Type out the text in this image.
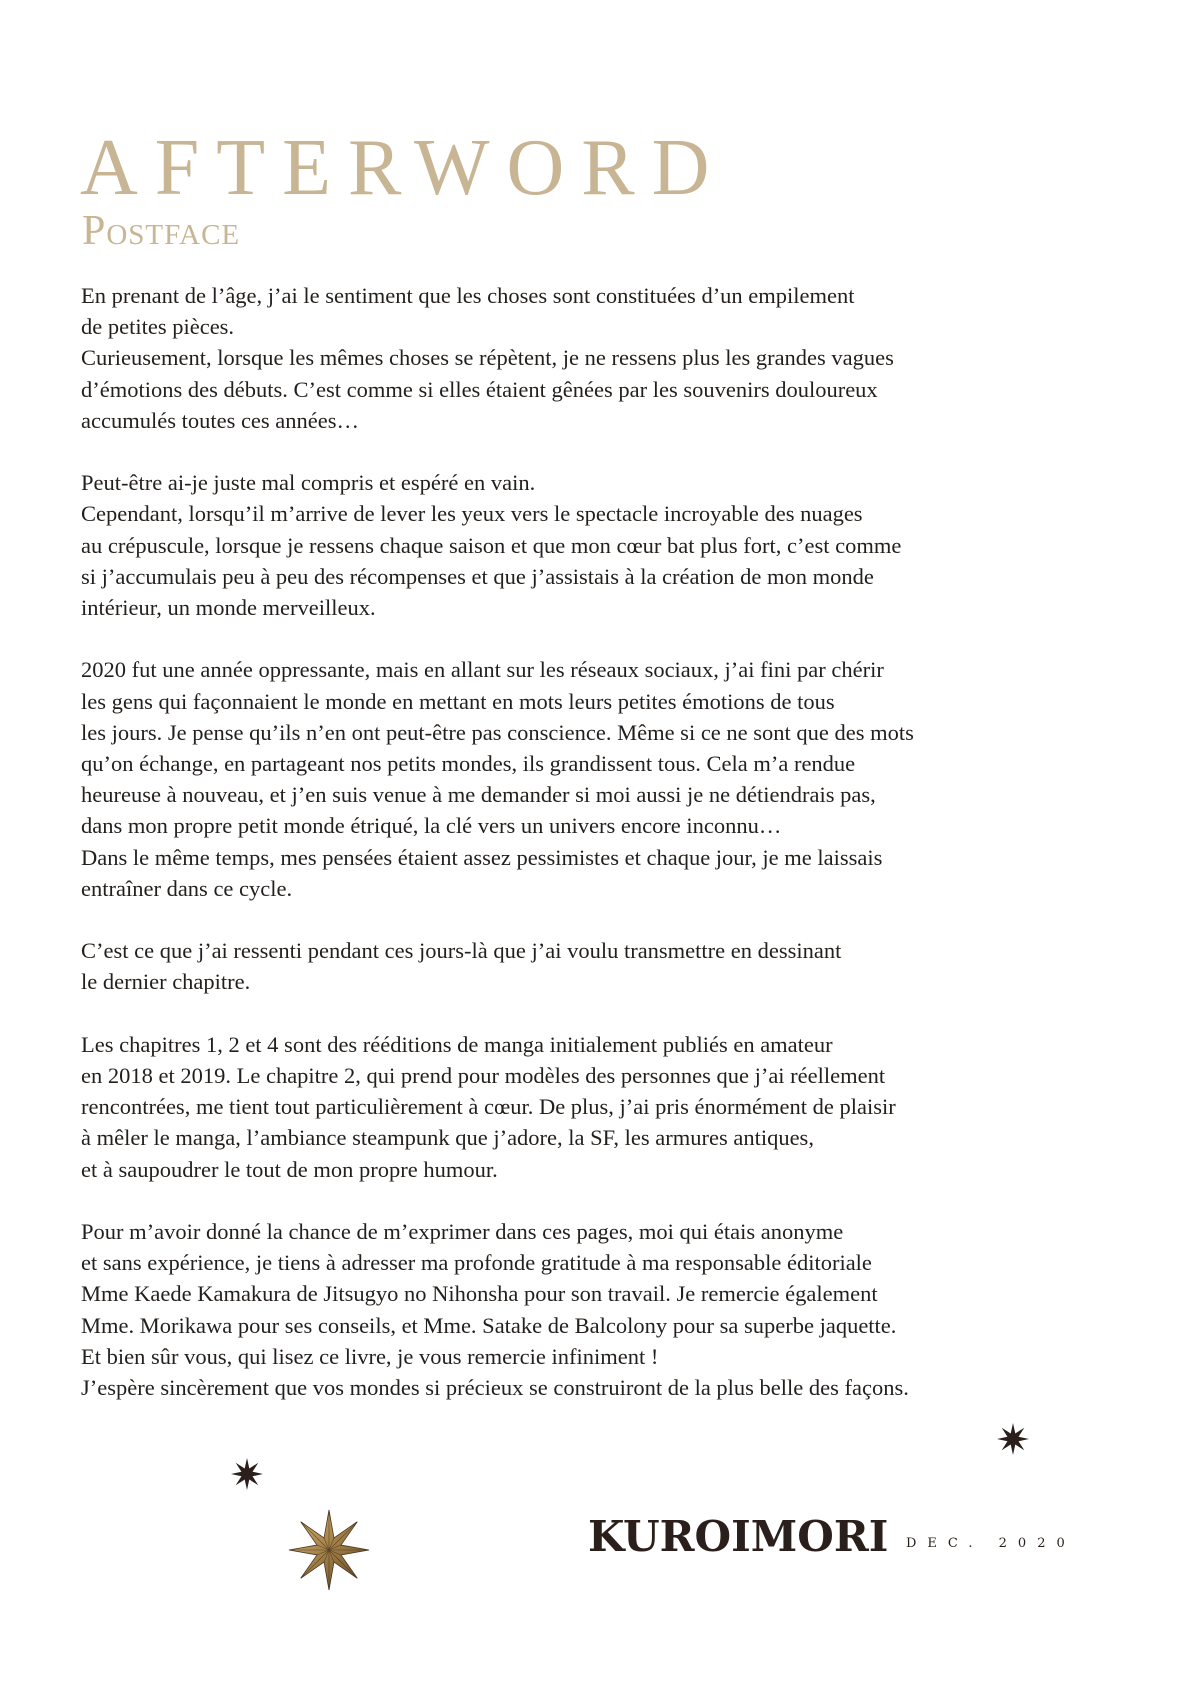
AFTERWORD
Postface

En prenant de l’âge, j’ai le sentiment que les choses sont constituées d’un empilement
de petites pièces.
Curieusement, lorsque les mêmes choses se répètent, je ne ressens plus les grandes vagues
d’émotions des débuts. C’est comme si elles étaient gênées par les souvenirs douloureux
accumulés toutes ces années…

Peut-être ai-je juste mal compris et espéré en vain.
Cependant, lorsqu’il m’arrive de lever les yeux vers le spectacle incroyable des nuages
au crépuscule, lorsque je ressens chaque saison et que mon cœur bat plus fort, c’est comme
si j’accumulais peu à peu des récompenses et que j’assistais à la création de mon monde
intérieur, un monde merveilleux.

2020 fut une année oppressante, mais en allant sur les réseaux sociaux, j’ai fini par chérir
les gens qui façonnaient le monde en mettant en mots leurs petites émotions de tous
les jours. Je pense qu’ils n’en ont peut-être pas conscience. Même si ce ne sont que des mots
qu’on échange, en partageant nos petits mondes, ils grandissent tous. Cela m’a rendue
heureuse à nouveau, et j’en suis venue à me demander si moi aussi je ne détiendrais pas,
dans mon propre petit monde étriqué, la clé vers un univers encore inconnu…
Dans le même temps, mes pensées étaient assez pessimistes et chaque jour, je me laissais
entraîner dans ce cycle.

C’est ce que j’ai ressenti pendant ces jours-là que j’ai voulu transmettre en dessinant
le dernier chapitre.

Les chapitres 1, 2 et 4 sont des rééditions de manga initialement publiés en amateur
en 2018 et 2019. Le chapitre 2, qui prend pour modèles des personnes que j’ai réellement
rencontrées, me tient tout particulièrement à cœur. De plus, j’ai pris énormément de plaisir
à mêler le manga, l’ambiance steampunk que j’adore, la SF, les armures antiques,
et à saupoudrer le tout de mon propre humour.

Pour m’avoir donné la chance de m’exprimer dans ces pages, moi qui étais anonyme
et sans expérience, je tiens à adresser ma profonde gratitude à ma responsable éditoriale
Mme Kaede Kamakura de Jitsugyo no Nihonsha pour son travail. Je remercie également
Mme. Morikawa pour ses conseils, et Mme. Satake de Balcolony pour sa superbe jaquette.
Et bien sûr vous, qui lisez ce livre, je vous remercie infiniment !
J’espère sincèrement que vos mondes si précieux se construiront de la plus belle des façons.

KUROIMORI DEC. 2020
